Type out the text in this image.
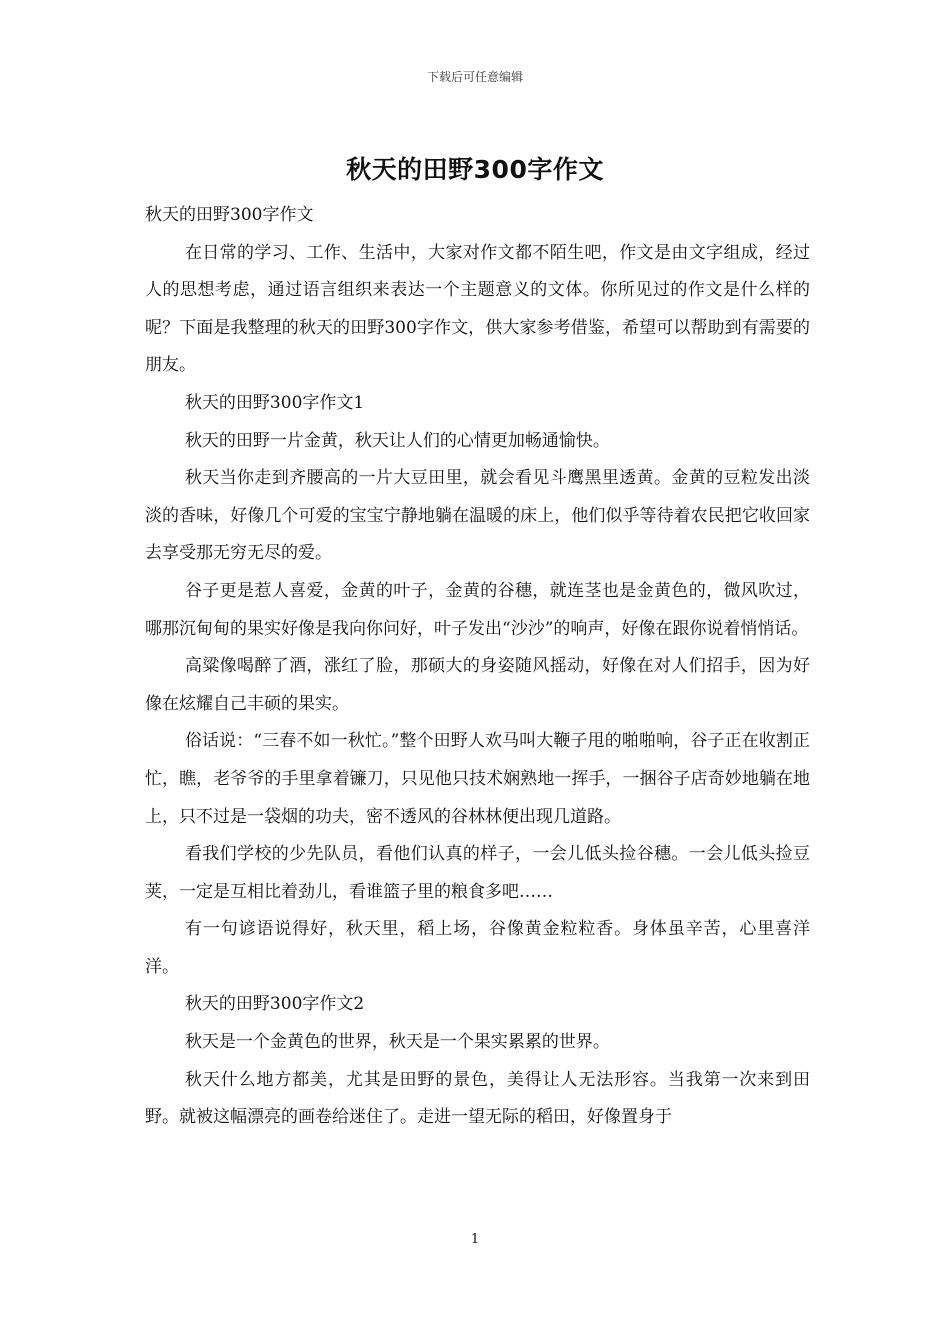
下载后可任意编辑
秋天的田野300字作文

秋天的田野300字作文

在日常的学习、工作、生活中，大家对作文都不陌生吧，作文是由文字组成，经过人的思想考虑，通过语言组织来表达一个主题意义的文体。你所见过的作文是什么样的呢？下面是我整理的秋天的田野300字作文，供大家参考借鉴，希望可以帮助到有需要的朋友。

秋天的田野300字作文1

秋天的田野一片金黄，秋天让人们的心情更加畅通愉快。

秋天当你走到齐腰高的一片大豆田里，就会看见斗鹰黑里透黄。金黄的豆粒发出淡淡的香味，好像几个可爱的宝宝宁静地躺在温暖的床上，他们似乎等待着农民把它收回家去享受那无穷无尽的爱。

谷子更是惹人喜爱，金黄的叶子，金黄的谷穗，就连茎也是金黄色的，微风吹过，哪那沉甸甸的果实好像是我向你问好，叶子发出“沙沙”的响声，好像在跟你说着悄悄话。

高粱像喝醉了酒，涨红了脸，那硕大的身姿随风摇动，好像在对人们招手，因为好像在炫耀自己丰硕的果实。

俗话说：“三春不如一秋忙。”整个田野人欢马叫大鞭子甩的啪啪响，谷子正在收割正忙，瞧，老爷爷的手里拿着镰刀，只见他只技术娴熟地一挥手，一捆谷子店奇妙地躺在地上，只不过是一袋烟的功夫，密不透风的谷林林便出现几道路。

看我们学校的少先队员，看他们认真的样子，一会儿低头捡谷穗。一会儿低头捡豆荚，一定是互相比着劲儿，看谁篮子里的粮食多吧……

有一句谚语说得好，秋天里，稻上场，谷像黄金粒粒香。身体虽辛苦，心里喜洋洋。

秋天的田野300字作文2

秋天是一个金黄色的世界，秋天是一个果实累累的世界。

秋天什么地方都美，尤其是田野的景色，美得让人无法形容。当我第一次来到田野。就被这幅漂亮的画卷给迷住了。走进一望无际的稻田，好像置身于

1
